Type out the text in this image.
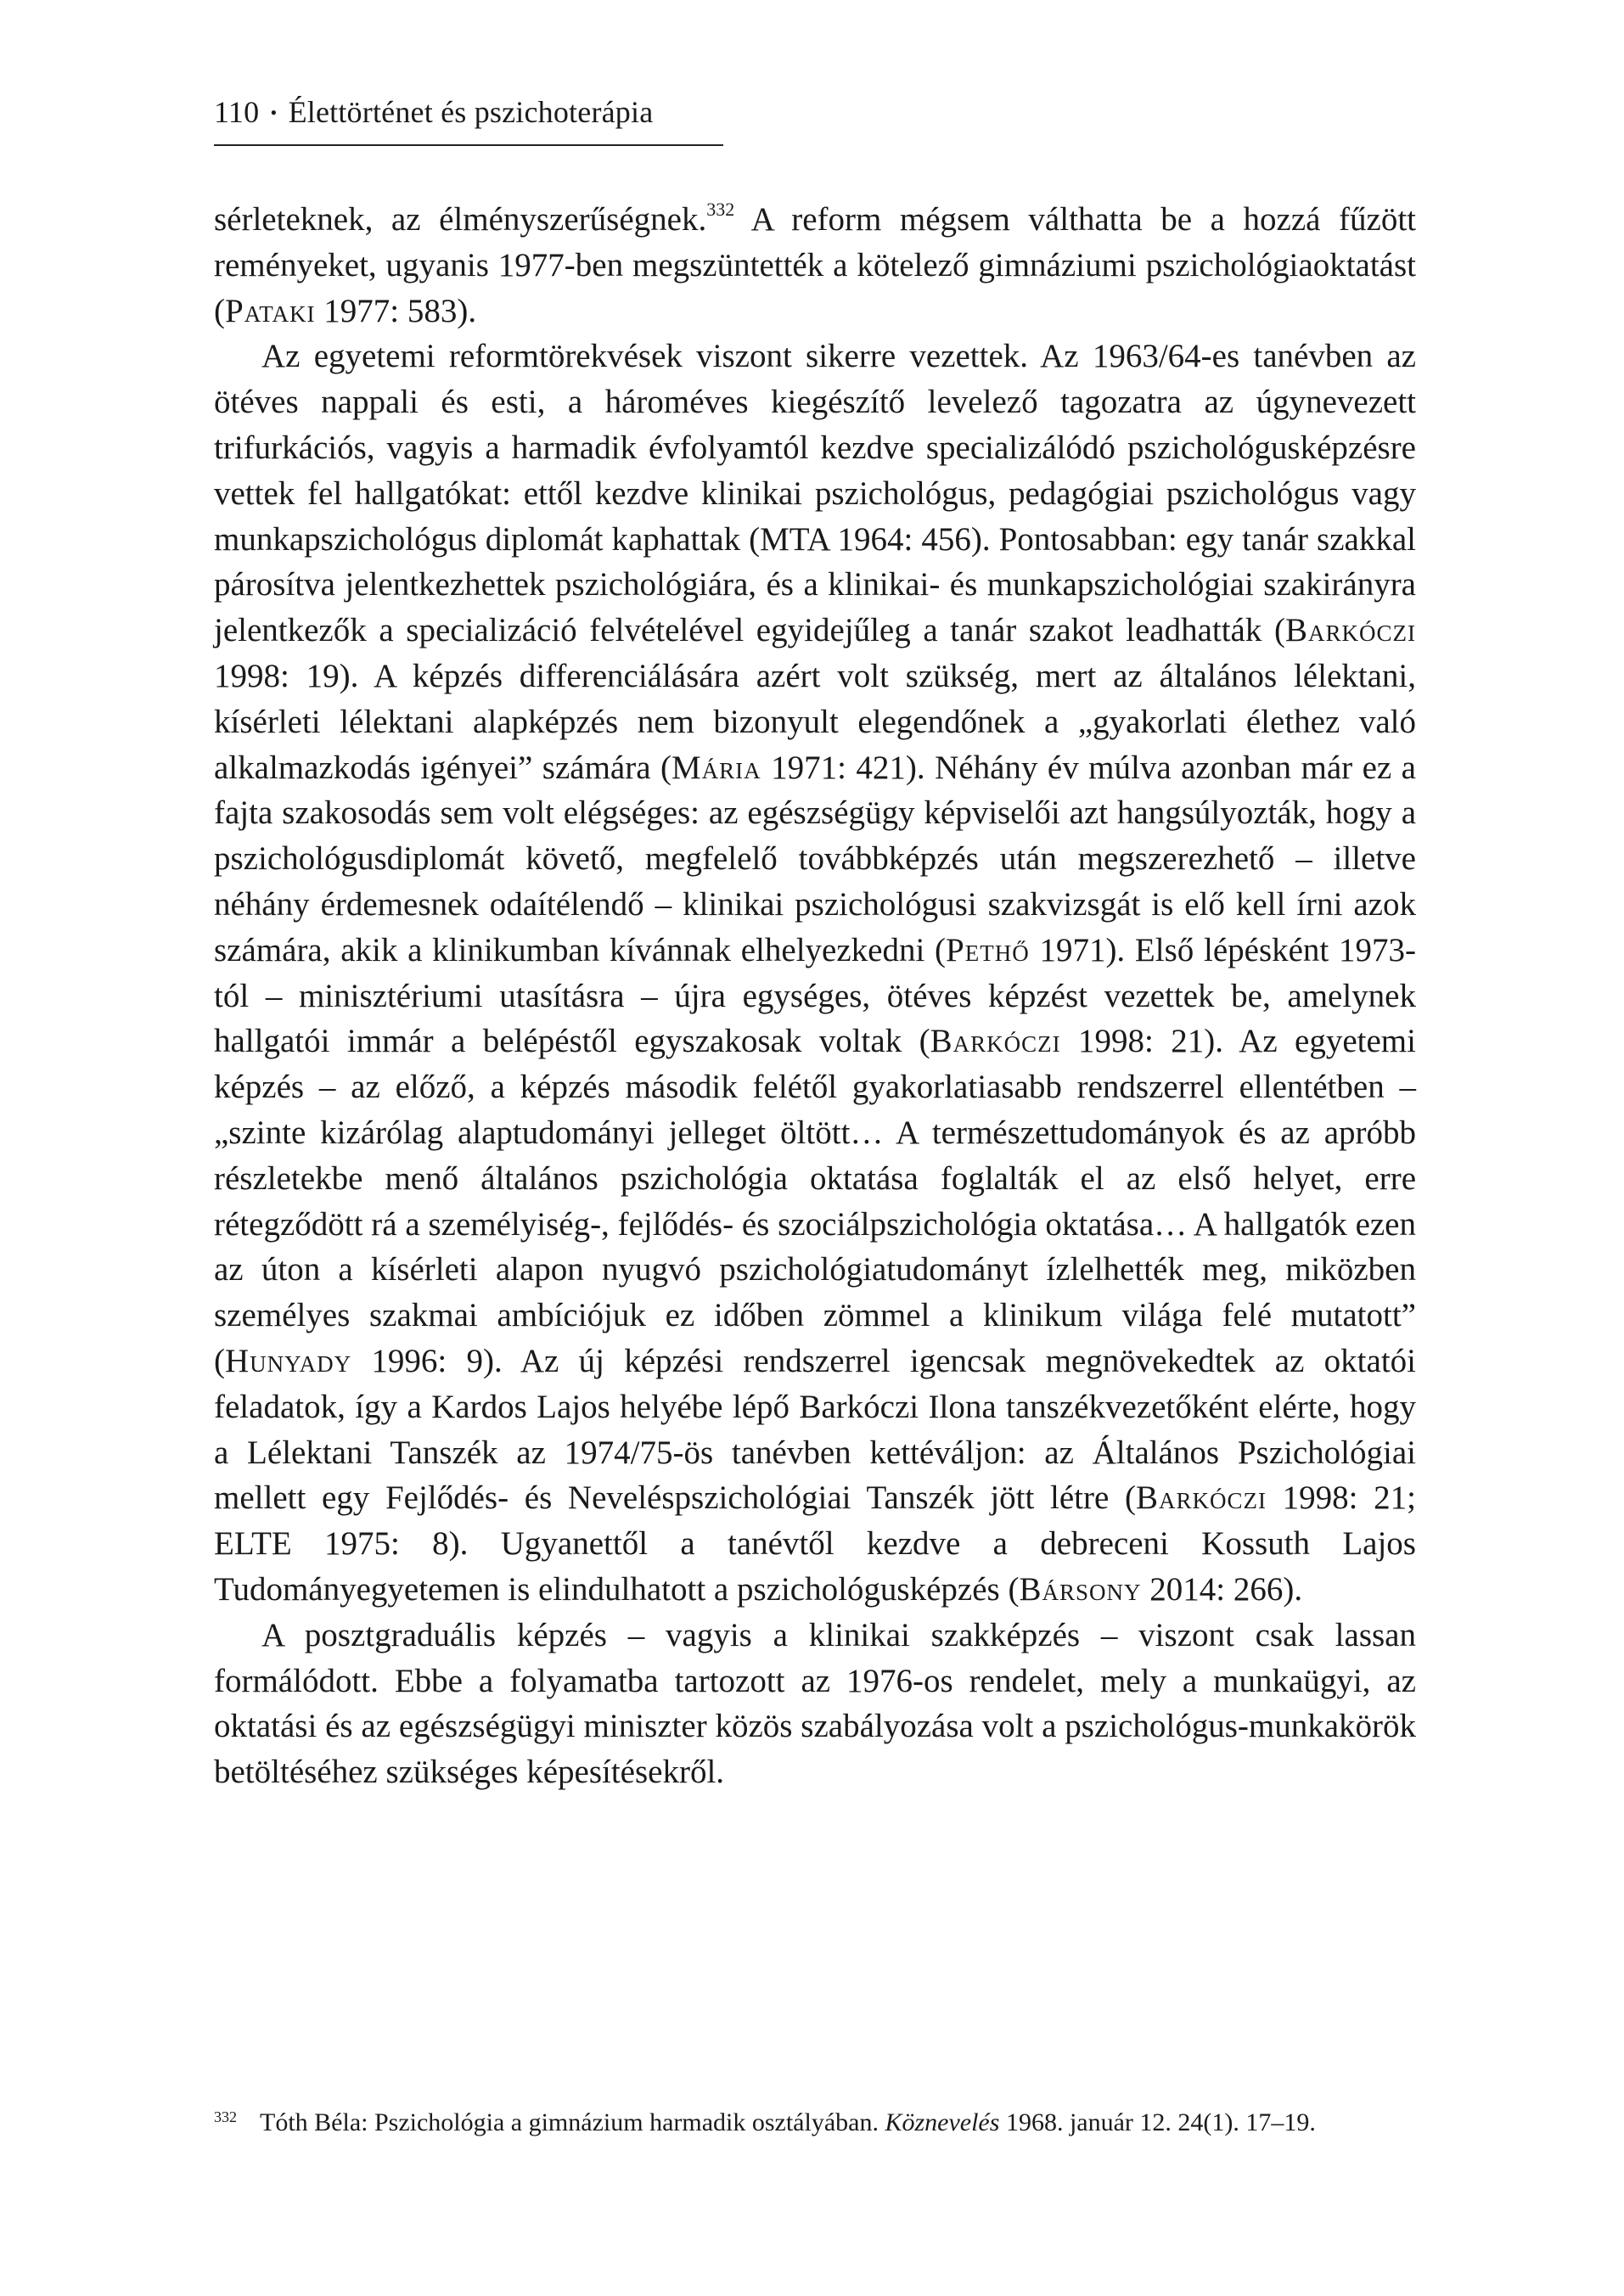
110 • Élettörténet és pszichoterápia

sérleteknek, az élményszerűségnek.$^{332}$ A reform mégsem válthatta be a hozzá fűzött reményeket, ugyanis 1977-ben megszüntették a kötelező gimnáziumi pszichológiaoktatást (Pataki 1977: 583).

Az egyetemi reformtörekvések viszont sikerre vezettek. Az 1963/64-es tanévben az ötéves nappali és esti, a hároméves kiegészítő levelező tagozatra az úgynevezett trifurkációs, vagyis a harmadik évfolyamtól kezdve specializálódó pszichológusképzésre vettek fel hallgatókat: ettől kezdve klinikai pszichológus, pedagógiai pszichológus vagy munkapszichológus diplomát kaphattak (MTA 1964: 456). Pontosabban: egy tanár szakkal párosítva jelentkezhettek pszichológiára, és a klinikai- és munkapszichológiai szakirányra jelentkezők a specializáció felvételével egyidejűleg a tanár szakot leadhatták (Barkóczi 1998: 19). A képzés differenciálására azért volt szükség, mert az általános lélektani, kísérleti lélektani alapképzés nem bizonyult elegendőnek a „gyakorlati élethez való alkalmazkodás igényei” számára (Mária 1971: 421). Néhány év múlva azonban már ez a fajta szakosodás sem volt elégséges: az egészségügy képviselői azt hangsúlyozták, hogy a pszichológusdiplomát követő, megfelelő továbbképzés után megszerezhető – illetve néhány érdemesnek odaítélendő – klinikai pszichológusi szakvizsgát is elő kell írni azok számára, akik a klinikumban kívánnak elhelyezkedni (Pethő 1971). Első lépésként 1973-tól – minisztériumi utasításra – újra egységes, ötéves képzést vezettek be, amelynek hallgatói immár a belépéstől egyszakosak voltak (Barkóczi 1998: 21). Az egyetemi képzés – az előző, a képzés második felétől gyakorlatiasabb rendszerrel ellentétben – „szinte kizárólag alaptudományi jelleget öltött… A természettudományok és az apróbb részletekbe menő általános pszichológia oktatása foglalták el az első helyet, erre rétegződött rá a személyiség-, fejlődés- és szociálpszichológia oktatása… A hallgatók ezen az úton a kísérleti alapon nyugvó pszichológiatudományt ízlelhették meg, miközben személyes szakmai ambíciójuk ez időben zömmel a klinikum világa felé mutatott” (Hunyady 1996: 9). Az új képzési rendszerrel igencsak megnövekedtek az oktatói feladatok, így a Kardos Lajos helyébe lépő Barkóczi Ilona tanszékvezetőként elérte, hogy a Lélektani Tanszék az 1974/75-ös tanévben kettéváljon: az Általános Pszichológiai mellett egy Fejlődés- és Neveléspszichológiai Tanszék jött létre (Barkóczi 1998: 21; ELTE 1975: 8). Ugyanettől a tanévtől kezdve a debreceni Kossuth Lajos Tudományegyetemen is elindulhatott a pszichológusképzés (Bársony 2014: 266).

A posztgraduális képzés – vagyis a klinikai szakképzés – viszont csak lassan formálódott. Ebbe a folyamatba tartozott az 1976-os rendelet, mely a munkaügyi, az oktatási és az egészségügyi miniszter közös szabályozása volt a pszichológus-munkakörök betöltéséhez szükséges képesítésekről.

332 Tóth Béla: Pszichológia a gimnázium harmadik osztályában. Köznevelés 1968. január 12. 24(1). 17–19.
